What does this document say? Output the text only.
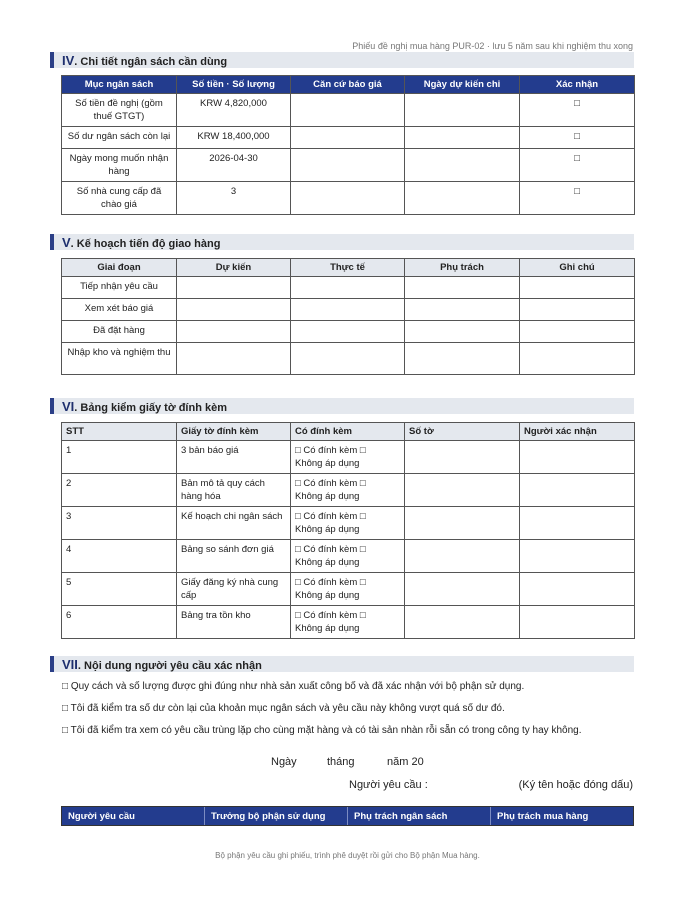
Phiếu đề nghị mua hàng PUR-02 · lưu 5 năm sau khi nghiệm thu xong
IV. Chi tiết ngân sách cần dùng
Mục ngân sách	Số tiền · Số lượng	Căn cứ báo giá	Ngày dự kiến chi	Xác nhận
Số tiền đề nghị (gồm thuế GTGT)	KRW 4,820,000			□
Số dư ngân sách còn lại	KRW 18,400,000			□
Ngày mong muốn nhận hàng	2026-04-30			□
Số nhà cung cấp đã chào giá	3			□
V. Kế hoạch tiến độ giao hàng
Giai đoạn	Dự kiến	Thực tế	Phụ trách	Ghi chú
Tiếp nhận yêu cầu				
Xem xét báo giá				
Đã đặt hàng				
Nhập kho và nghiệm thu				
VI. Bảng kiểm giấy tờ đính kèm
STT	Giấy tờ đính kèm	Có đính kèm	Số tờ	Người xác nhận
1	3 bản báo giá	□ Có đính kèm □
Không áp dụng		
2	Bản mô tả quy cách hàng hóa	□ Có đính kèm □
Không áp dụng		
3	Kế hoạch chi ngân sách	□ Có đính kèm □
Không áp dụng		
4	Bảng so sánh đơn giá	□ Có đính kèm □
Không áp dụng		
5	Giấy đăng ký nhà cung cấp	□ Có đính kèm □
Không áp dụng		
6	Bảng tra tồn kho	□ Có đính kèm □
Không áp dụng		
VII. Nội dung người yêu cầu xác nhận
□ Quy cách và số lượng được ghi đúng như nhà sản xuất công bố và đã xác nhận với bộ phận sử dụng.
□ Tôi đã kiểm tra số dư còn lại của khoản mục ngân sách và yêu cầu này không vượt quá số dư đó.
□ Tôi đã kiểm tra xem có yêu cầu trùng lặp cho cùng mặt hàng và có tài sản nhàn rỗi sẵn có trong công ty hay không.
Ngày	tháng	năm 20
Người yêu cầu :	(Ký tên hoặc đóng dấu)
Người yêu cầu	Trưởng bộ phận sử dụng	Phụ trách ngân sách	Phụ trách mua hàng
Bộ phận yêu cầu ghi phiếu, trình phê duyệt rồi gửi cho Bộ phận Mua hàng.
